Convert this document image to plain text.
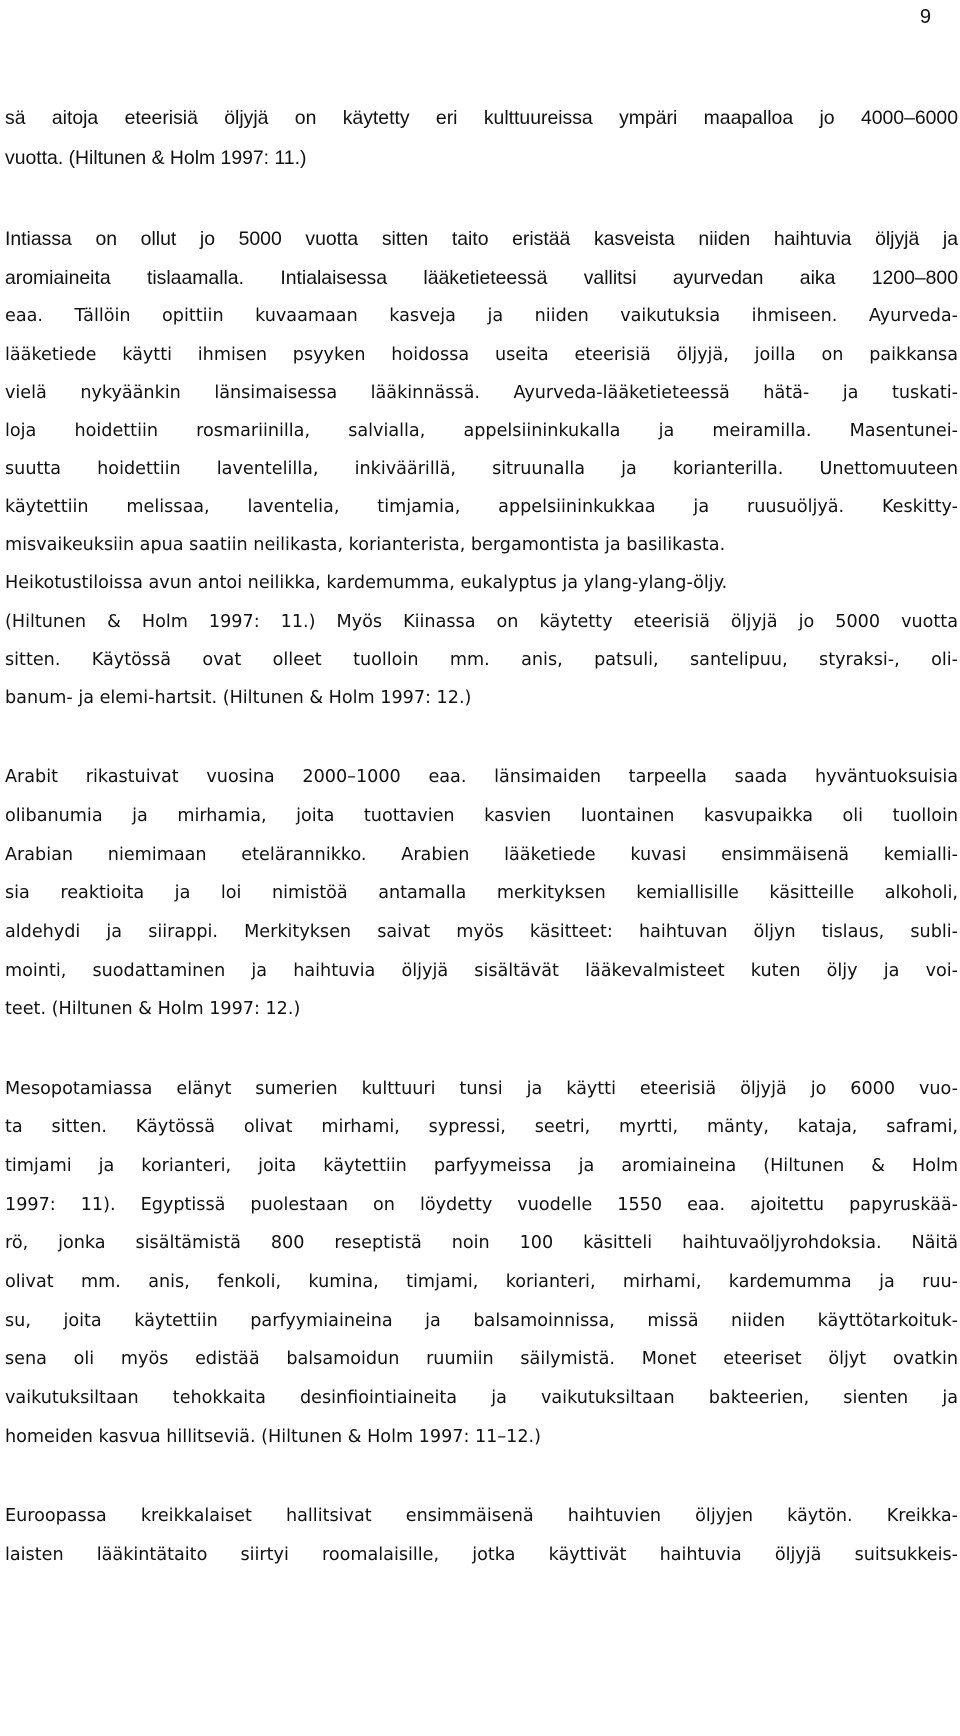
9
sä aitoja eteerisiä öljyjä on käytetty eri kulttuureissa ympäri maapalloa jo 4000–6000
vuotta. (Hiltunen & Holm 1997: 11.)
Intiassa on ollut jo 5000 vuotta sitten taito eristää kasveista niiden haihtuvia öljyjä ja
aromiaineita tislaamalla. Intialaisessa lääketieteessä vallitsi ayurvedan aika 1200–800
eaa. Tällöin opittiin kuvaamaan kasveja ja niiden vaikutuksia ihmiseen. Ayurveda-
lääketiede käytti ihmisen psyyken hoidossa useita eteerisiä öljyjä, joilla on paikkansa
vielä nykyäänkin länsimaisessa lääkinnässä. Ayurveda-lääketieteessä hätä- ja tuskati-
loja hoidettiin rosmariinilla, salvialla, appelsiininkukalla ja meiramilla. Masentunei-
suutta hoidettiin laventelilla, inkiväärillä, sitruunalla ja korianterilla. Unettomuuteen
käytettiin melissaa, laventelia, timjamia, appelsiininkukkaa ja ruusuöljyä. Keskitty-
misvaikeuksiin apua saatiin neilikasta, korianterista, bergamontista ja basilikasta.
Heikotustiloissa avun antoi neilikka, kardemumma, eukalyptus ja ylang-ylang-öljy.
(Hiltunen & Holm 1997: 11.) Myös Kiinassa on käytetty eteerisiä öljyjä jo 5000 vuotta
sitten. Käytössä ovat olleet tuolloin mm. anis, patsuli, santelipuu, styraksi-, oli-
banum- ja elemi-hartsit. (Hiltunen & Holm 1997: 12.)
Arabit rikastuivat vuosina 2000–1000 eaa. länsimaiden tarpeella saada hyväntuoksuisia
olibanumia ja mirhamia, joita tuottavien kasvien luontainen kasvupaikka oli tuolloin
Arabian niemimaan etelärannikko. Arabien lääketiede kuvasi ensimmäisenä kemialli-
sia reaktioita ja loi nimistöä antamalla merkityksen kemiallisille käsitteille alkoholi,
aldehydi ja siirappi. Merkityksen saivat myös käsitteet: haihtuvan öljyn tislaus, subli-
mointi, suodattaminen ja haihtuvia öljyjä sisältävät lääkevalmisteet kuten öljy ja voi-
teet. (Hiltunen & Holm 1997: 12.)
Mesopotamiassa elänyt sumerien kulttuuri tunsi ja käytti eteerisiä öljyjä jo 6000 vuo-
ta sitten. Käytössä olivat mirhami, sypressi, seetri, myrtti, mänty, kataja, saframi,
timjami ja korianteri, joita käytettiin parfyymeissa ja aromiaineina (Hiltunen & Holm
1997: 11). Egyptissä puolestaan on löydetty vuodelle 1550 eaa. ajoitettu papyruskää-
rö, jonka sisältämistä 800 reseptistä noin 100 käsitteli haihtuvaöljyrohdoksia. Näitä
olivat mm. anis, fenkoli, kumina, timjami, korianteri, mirhami, kardemumma ja ruu-
su, joita käytettiin parfyymiaineina ja balsamoinnissa, missä niiden käyttötarkoituk-
sena oli myös edistää balsamoidun ruumiin säilymistä. Monet eteeriset öljyt ovatkin
vaikutuksiltaan tehokkaita desinfiointiaineita ja vaikutuksiltaan bakteerien, sienten ja
homeiden kasvua hillitseviä. (Hiltunen & Holm 1997: 11–12.)
Euroopassa kreikkalaiset hallitsivat ensimmäisenä haihtuvien öljyjen käytön. Kreikka-
laisten lääkintätaito siirtyi roomalaisille, jotka käyttivät haihtuvia öljyjä suitsukkeis-
